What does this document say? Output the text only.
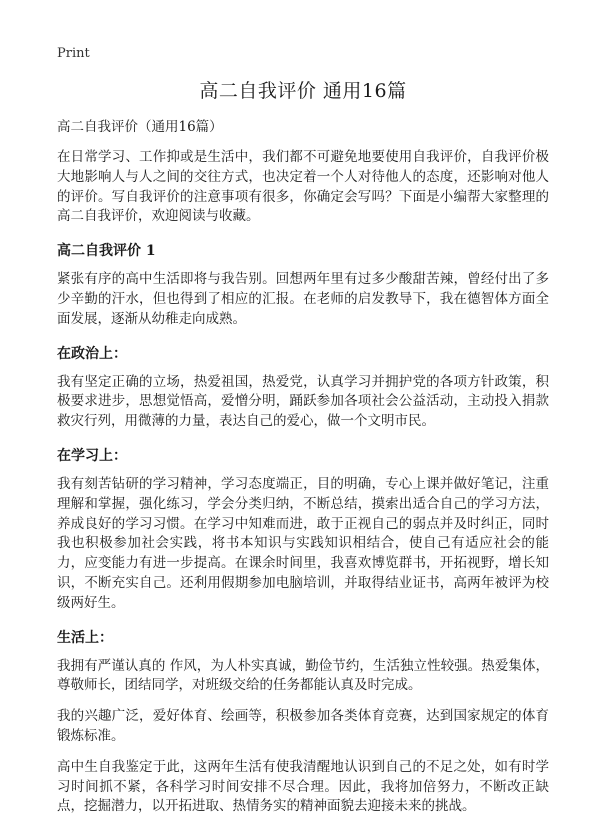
Print
高二自我评价 通用16篇
高二自我评价（通用16篇）

在日常学习、工作抑或是生活中，我们都不可避免地要使用自我评价，自我评价极大地影响人与人之间的交往方式，也决定着一个人对待他人的态度，还影响对他人的评价。写自我评价的注意事项有很多，你确定会写吗？下面是小编帮大家整理的高二自我评价，欢迎阅读与收藏。

高二自我评价 1

紧张有序的高中生活即将与我告别。回想两年里有过多少酸甜苦辣，曾经付出了多少辛勤的汗水，但也得到了相应的汇报。在老师的启发教导下，我在德智体方面全面发展，逐渐从幼稚走向成熟。

在政治上：

我有坚定正确的立场，热爱祖国，热爱党，认真学习并拥护党的各项方针政策，积极要求进步，思想觉悟高，爱憎分明，踊跃参加各项社会公益活动，主动投入捐款救灾行列，用微薄的力量，表达自己的爱心，做一个文明市民。

在学习上：

我有刻苦钻研的学习精神，学习态度端正，目的明确，专心上课并做好笔记，注重理解和掌握，强化练习，学会分类归纳，不断总结，摸索出适合自己的学习方法，养成良好的学习习惯。在学习中知难而进，敢于正视自己的弱点并及时纠正，同时我也积极参加社会实践，将书本知识与实践知识相结合，使自己有适应社会的能力，应变能力有进一步提高。在课余时间里，我喜欢博览群书，开拓视野，增长知识，不断充实自己。还利用假期参加电脑培训，并取得结业证书，高两年被评为校级两好生。

生活上：

我拥有严谨认真的 作风，为人朴实真诚，勤俭节约，生活独立性较强。热爱集体，尊敬师长，团结同学，对班级交给的任务都能认真及时完成。

我的兴趣广泛，爱好体育、绘画等，积极参加各类体育竞赛，达到国家规定的体育锻炼标准。

高中生自我鉴定于此，这两年生活有使我清醒地认识到自己的不足之处，如有时学习时间抓不紧，各科学习时间安排不尽合理。因此，我将加倍努力，不断改正缺点，挖掘潜力，以开拓进取、热情务实的精神面貌去迎接未来的挑战。
